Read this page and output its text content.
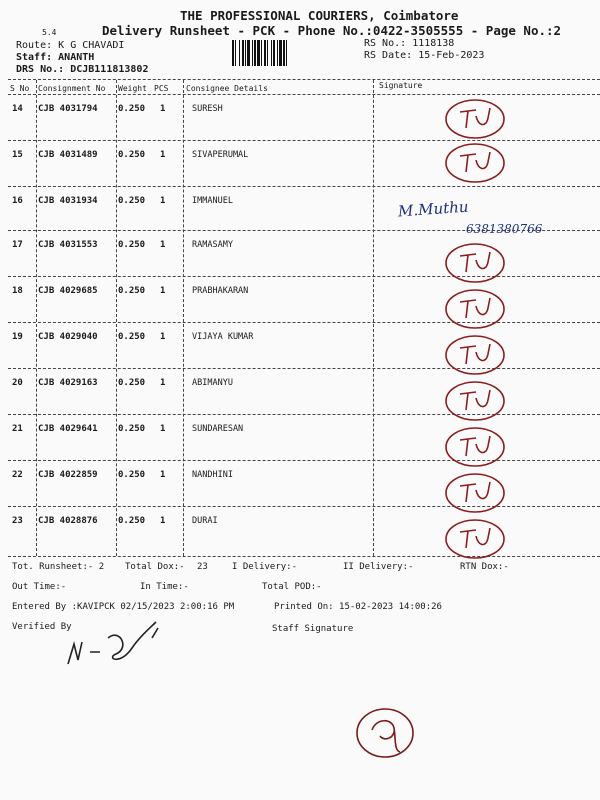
THE PROFESSIONAL COURIERS, Coimbatore
Delivery Runsheet - PCK - Phone No.:0422-3505555 - Page No.:2
5.4
Route: K G CHAVADI
Staff: ANANTH
DRS No.: DCJB111813802
RS No.: 1118138
RS Date: 15-Feb-2023
S No Consignment No Weight PCS Consignee Details	Signature
14 CJB 4031794 0.250 1	SURESH
15 CJB 4031489 0.250 1	SIVAPERUMAL
16 CJB 4031934 0.250 1	IMMANUEL
17 CJB 4031553 0.250 1	RAMASAMY
18 CJB 4029685 0.250 1	PRABHAKARAN
19 CJB 4029040 0.250 1	VIJAYA KUMAR
20 CJB 4029163 0.250 1	ABIMANYU
21 CJB 4029641 0.250 1	SUNDARESAN
22 CJB 4022859 0.250 1	NANDHINI
23 CJB 4028876 0.250 1	DURAI
M.Muthu
6381380766
Tot. Runsheet:- 2 Total Dox:- 23	I Delivery:-	II Delivery:-	RTN Dox:-
Out Time:-	In Time:-	Total POD:-
Entered By :KAVIPCK 02/15/2023 2:00:16 PM	Printed On: 15-02-2023 14:00:26
Verified By	Staff Signature
